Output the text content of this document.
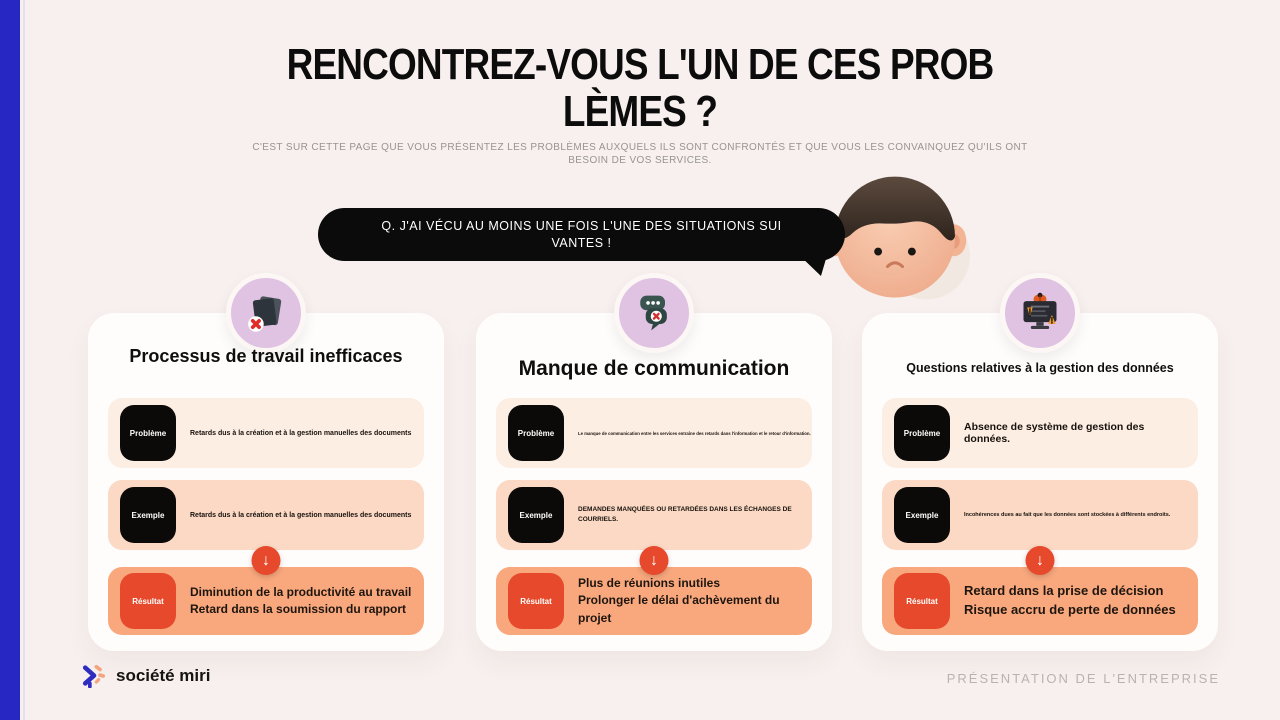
RENCONTREZ-VOUS L'UN DE CES PROB
LÈMES ?

C'EST SUR CETTE PAGE QUE VOUS PRÉSENTEZ LES PROBLÈMES AUXQUELS ILS SONT CONFRONTÉS ET QUE VOUS LES CONVAINQUEZ QU'ILS ONT BESOIN DE VOS SERVICES.

Q. J'AI VÉCU AU MOINS UNE FOIS L'UNE DES SITUATIONS SUI
VANTES !
Processus de travail inefficaces
Problème	Retards dus à la création et à la gestion manuelles des documents
Exemple	Retards dus à la création et à la gestion manuelles des documents
↓
Résultat
Diminution de la productivité au travail
Retard dans la soumission du rapport
Manque de communication
Problème	Le manque de communication entre les services entraîne des retards dans l'information et le retour d'information.
Exemple
DEMANDES MANQUÉES OU RETARDÉES DANS LES ÉCHANGES DE COURRIELS.
↓
Résultat
Plus de réunions inutiles
Prolonger le délai d'achèvement du projet
Questions relatives à la gestion des données
Problème	Absence de système de gestion des données.
Exemple	Incohérences dues au fait que les données sont stockées à différents endroits.
↓
Résultat
Retard dans la prise de décision
Risque accru de perte de données
société miri	PRÉSENTATION DE L'ENTREPRISE
